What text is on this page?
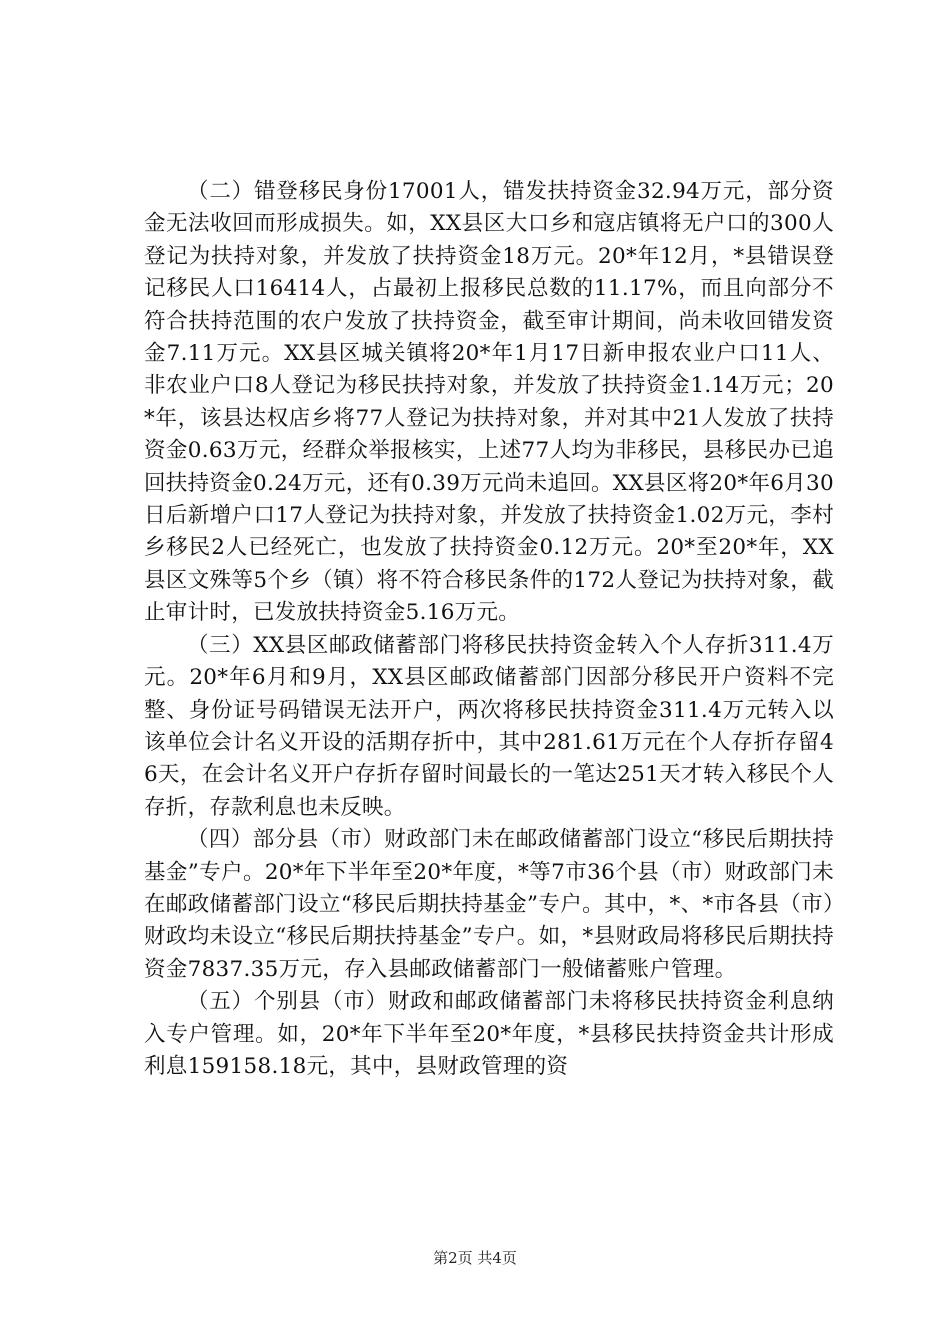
（二）错登移民身份17001人，错发扶持资金32.94万元，部分资金无法收回而形成损失。如，XX县区大口乡和寇店镇将无户口的300人登记为扶持对象，并发放了扶持资金18万元。20*年12月，*县错误登记移民人口16414人，占最初上报移民总数的11.17%，而且向部分不符合扶持范围的农户发放了扶持资金，截至审计期间，尚未收回错发资金7.11万元。XX县区城关镇将20*年1月17日新申报农业户口11人、非农业户口8人登记为移民扶持对象，并发放了扶持资金1.14万元；20*年，该县达权店乡将77人登记为扶持对象，并对其中21人发放了扶持资金0.63万元，经群众举报核实，上述77人均为非移民，县移民办已追回扶持资金0.24万元，还有0.39万元尚未追回。XX县区将20*年6月30日后新增户口17人登记为扶持对象，并发放了扶持资金1.02万元，李村乡移民2人已经死亡，也发放了扶持资金0.12万元。20*至20*年，XX县区文殊等5个乡（镇）将不符合移民条件的172人登记为扶持对象，截止审计时，已发放扶持资金5.16万元。

（三）XX县区邮政储蓄部门将移民扶持资金转入个人存折311.4万元。20*年6月和9月，XX县区邮政储蓄部门因部分移民开户资料不完整、身份证号码错误无法开户，两次将移民扶持资金311.4万元转入以该单位会计名义开设的活期存折中，其中281.61万元在个人存折存留46天，在会计名义开户存折存留时间最长的一笔达251天才转入移民个人存折，存款利息也未反映。

（四）部分县（市）财政部门未在邮政储蓄部门设立“移民后期扶持基金”专户。20*年下半年至20*年度，*等7市36个县（市）财政部门未在邮政储蓄部门设立“移民后期扶持基金”专户。其中，*、*市各县（市）财政均未设立“移民后期扶持基金”专户。如，*县财政局将移民后期扶持资金7837.35万元，存入县邮政储蓄部门一般储蓄账户管理。

（五）个别县（市）财政和邮政储蓄部门未将移民扶持资金利息纳入专户管理。如，20*年下半年至20*年度，*县移民扶持资金共计形成利息159158.18元，其中，县财政管理的资

第2页 共4页
